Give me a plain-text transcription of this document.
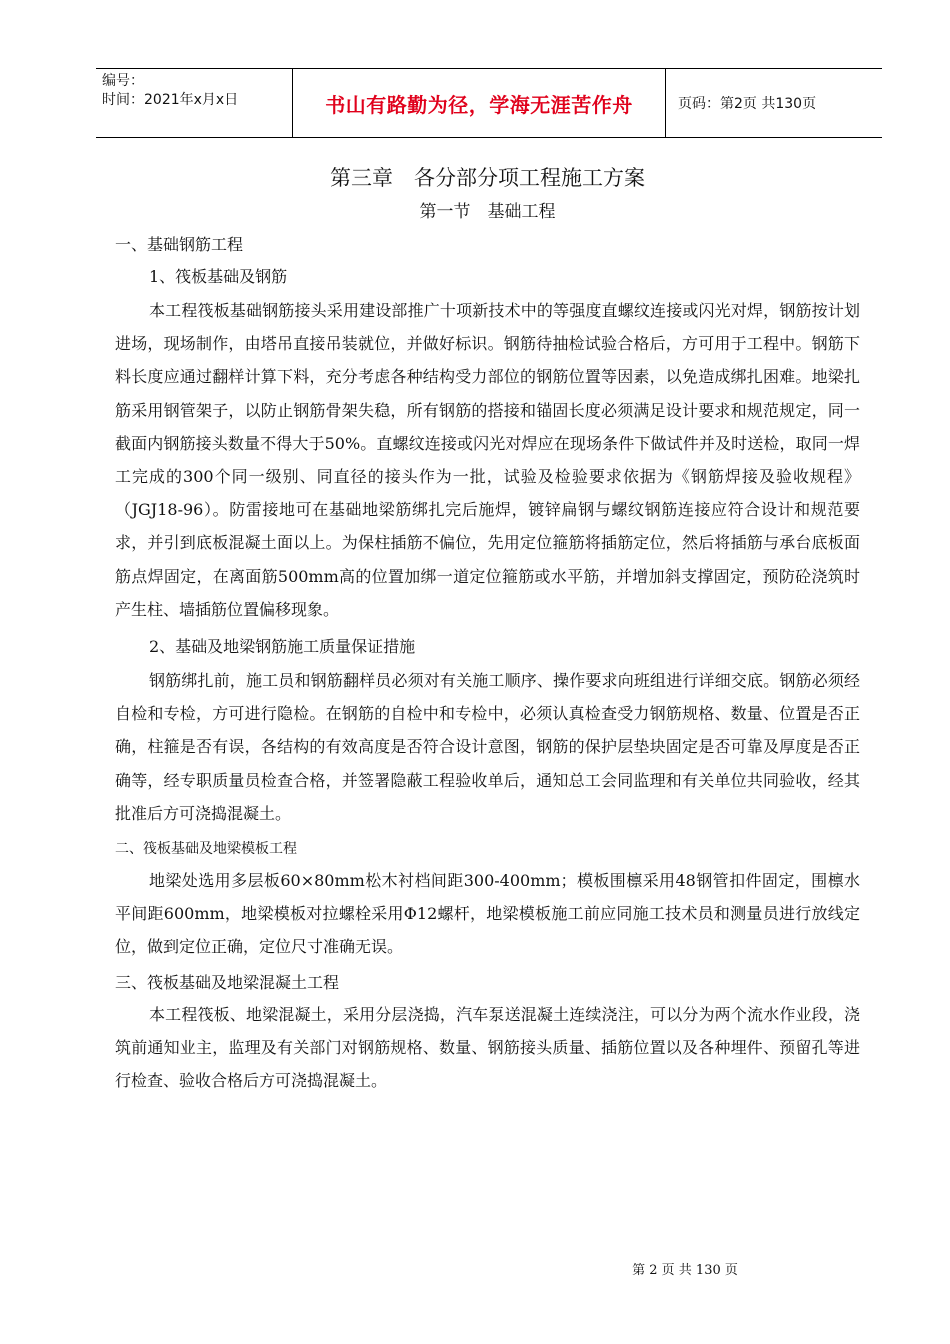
编号：
时间：2021年x月x日	书山有路勤为径，学海无涯苦作舟	页码：第2页 共130页
第三章　各分部分项工程施工方案
第一节　基础工程

一、基础钢筋工程

1、筏板基础及钢筋

本工程筏板基础钢筋接头采用建设部推广十项新技术中的等强度直螺纹连接或闪光对焊，钢筋按计划进场，现场制作，由塔吊直接吊装就位，并做好标识。钢筋待抽检试验合格后，方可用于工程中。钢筋下料长度应通过翻样计算下料，充分考虑各种结构受力部位的钢筋位置等因素，以免造成绑扎困难。地梁扎筋采用钢管架子，以防止钢筋骨架失稳，所有钢筋的搭接和锚固长度必须满足设计要求和规范规定，同一截面内钢筋接头数量不得大于50%。直螺纹连接或闪光对焊应在现场条件下做试件并及时送检，取同一焊工完成的300个同一级别、同直径的接头作为一批，试验及检验要求依据为《钢筋焊接及验收规程》（JGJ18-96）。防雷接地可在基础地梁筋绑扎完后施焊，镀锌扁钢与螺纹钢筋连接应符合设计和规范要求，并引到底板混凝土面以上。为保柱插筋不偏位，先用定位箍筋将插筋定位，然后将插筋与承台底板面筋点焊固定，在离面筋500mm高的位置加绑一道定位箍筋或水平筋，并增加斜支撑固定，预防砼浇筑时产生柱、墙插筋位置偏移现象。

2、基础及地梁钢筋施工质量保证措施

钢筋绑扎前，施工员和钢筋翻样员必须对有关施工顺序、操作要求向班组进行详细交底。钢筋必须经自检和专检，方可进行隐检。在钢筋的自检中和专检中，必须认真检查受力钢筋规格、数量、位置是否正确，柱箍是否有误，各结构的有效高度是否符合设计意图，钢筋的保护层垫块固定是否可靠及厚度是否正确等，经专职质量员检查合格，并签署隐蔽工程验收单后，通知总工会同监理和有关单位共同验收，经其批准后方可浇捣混凝土。

二、筏板基础及地梁模板工程

地梁处选用多层板60×80mm松木衬档间距300-400mm；模板围檩采用48钢管扣件固定，围檩水平间距600mm，地梁模板对拉螺栓采用Φ12螺杆，地梁模板施工前应同施工技术员和测量员进行放线定位，做到定位正确，定位尺寸准确无误。

三、筏板基础及地梁混凝土工程

本工程筏板、地梁混凝土，采用分层浇捣，汽车泵送混凝土连续浇注，可以分为两个流水作业段，浇筑前通知业主，监理及有关部门对钢筋规格、数量、钢筋接头质量、插筋位置以及各种埋件、预留孔等进行检查、验收合格后方可浇捣混凝土。

第 2 页 共 130 页
